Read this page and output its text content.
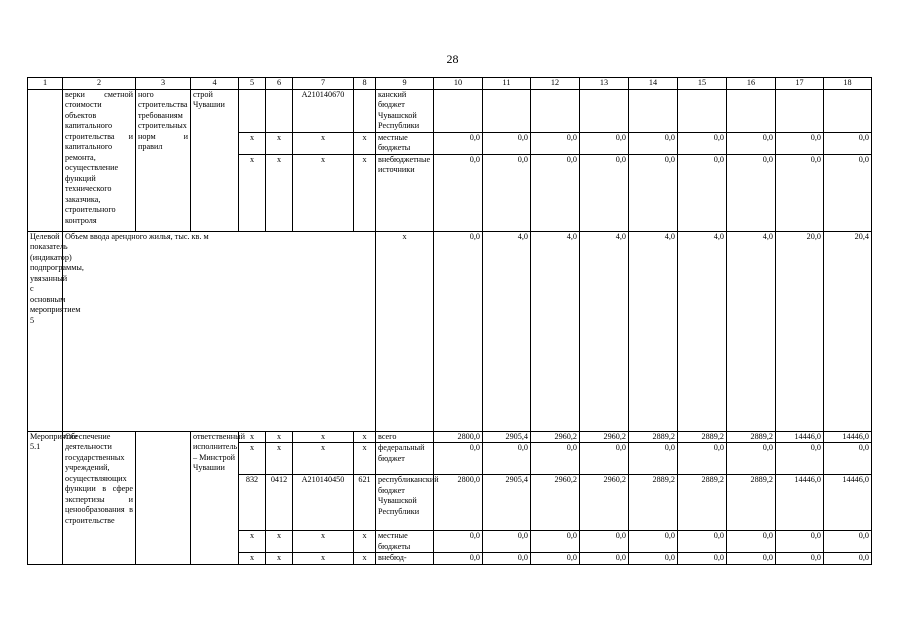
28
1	2	3	4	5	6	7	8	9	10	11	12	13	14	15	16	17	18
	верки сметной стоимости объектов капитального строительства и капитального ремонта, осуществление функций технического заказчика, строительного контроля	ного строительства требованиям строительных норм и правил	строй Чувашии			A210140670		канский бюджет Чувашской Республики									
				x	x	x	x	местные бюджеты	0,0	0,0	0,0	0,0	0,0	0,0	0,0	0,0	0,0
				x	x	x	x	внебюджетные источники	0,0	0,0	0,0	0,0	0,0	0,0	0,0	0,0	0,0
Целевой показатель (индикатор) подпрограммы, увязанный с основным мероприятием 5	Объем ввода арендного жилья, тыс. кв. м							x	0,0	4,0	4,0	4,0	4,0	4,0	4,0	20,0	20,4
Мероприятие 5.1	Обеспечение деятельности государственных учреждений, осуществляющих функции в сфере экспертизы и ценообразования в строительстве		ответственный исполнитель – Минстрой Чувашии	x	x	x	x	всего	2800,0	2905,4	2960,2	2960,2	2889,2	2889,2	2889,2	14446,0	14446,0
				x	x	x	x	федеральный бюджет	0,0	0,0	0,0	0,0	0,0	0,0	0,0	0,0	0,0
				832	0412	A210140450	621	республиканский бюджет Чувашской Республики	2800,0	2905,4	2960,2	2960,2	2889,2	2889,2	2889,2	14446,0	14446,0
				x	x	x	x	местные бюджеты	0,0	0,0	0,0	0,0	0,0	0,0	0,0	0,0	0,0
				x	x	x	x	внебюд-	0,0	0,0	0,0	0,0	0,0	0,0	0,0	0,0	0,0
